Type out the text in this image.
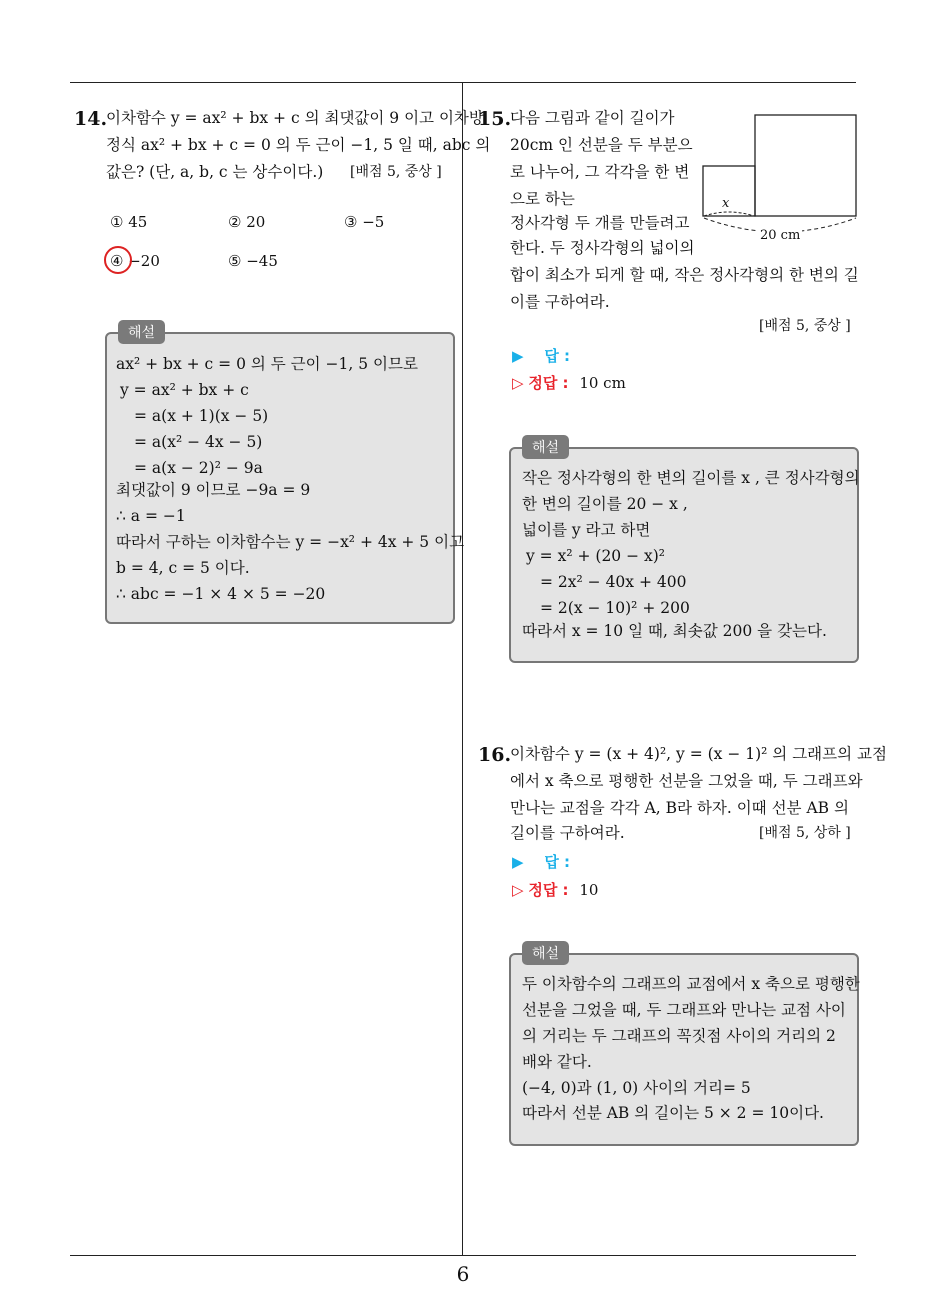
6
14.
이차함수 y = ax² + bx + c 의 최댓값이 9 이고 이차방
정식 ax² + bx + c = 0 의 두 근이 −1, 5 일 때, abc 의
값은? (단, a, b, c 는 상수이다.) [배점 5, 중상 ]
① 45	② 20	③ −5
④ −20	⑤ −45
해설
ax² + bx + c = 0 의 두 근이 −1, 5 이므로
y = ax² + bx + c
= a(x + 1)(x − 5)
= a(x² − 4x − 5)
= a(x − 2)² − 9a
최댓값이 9 이므로 −9a = 9
∴ a = −1
따라서 구하는 이차함수는 y = −x² + 4x + 5 이고
b = 4, c = 5 이다.
∴ abc = −1 × 4 × 5 = −20
15.
다음 그림과 같이 길이가
20cm 인 선분을 두 부분으
로 나누어, 그 각각을 한 변
으로 하는
정사각형 두 개를 만들려고
한다. 두 정사각형의 넓이의
합이 최소가 되게 할 때, 작은 정사각형의 한 변의 길
이를 구하여라.
[배점 5, 중상 ]
x
20 cm
▶ 답 :
▷ 정답 : 10 cm
해설
작은 정사각형의 한 변의 길이를 x , 큰 정사각형의
한 변의 길이를 20 − x ,
넓이를 y 라고 하면
y = x² + (20 − x)²
= 2x² − 40x + 400
= 2(x − 10)² + 200
따라서 x = 10 일 때, 최솟값 200 을 갖는다.
16.
이차함수 y = (x + 4)², y = (x − 1)² 의 그래프의 교점
에서 x 축으로 평행한 선분을 그었을 때, 두 그래프와
만나는 교점을 각각 A, B라 하자. 이때 선분 AB 의
길이를 구하여라.	[배점 5, 상하 ]
▶ 답 :
▷ 정답 : 10
해설
두 이차함수의 그래프의 교점에서 x 축으로 평행한
선분을 그었을 때, 두 그래프와 만나는 교점 사이
의 거리는 두 그래프의 꼭짓점 사이의 거리의 2
배와 같다.
(−4, 0)과 (1, 0) 사이의 거리= 5
따라서 선분 AB 의 길이는 5 × 2 = 10이다.
